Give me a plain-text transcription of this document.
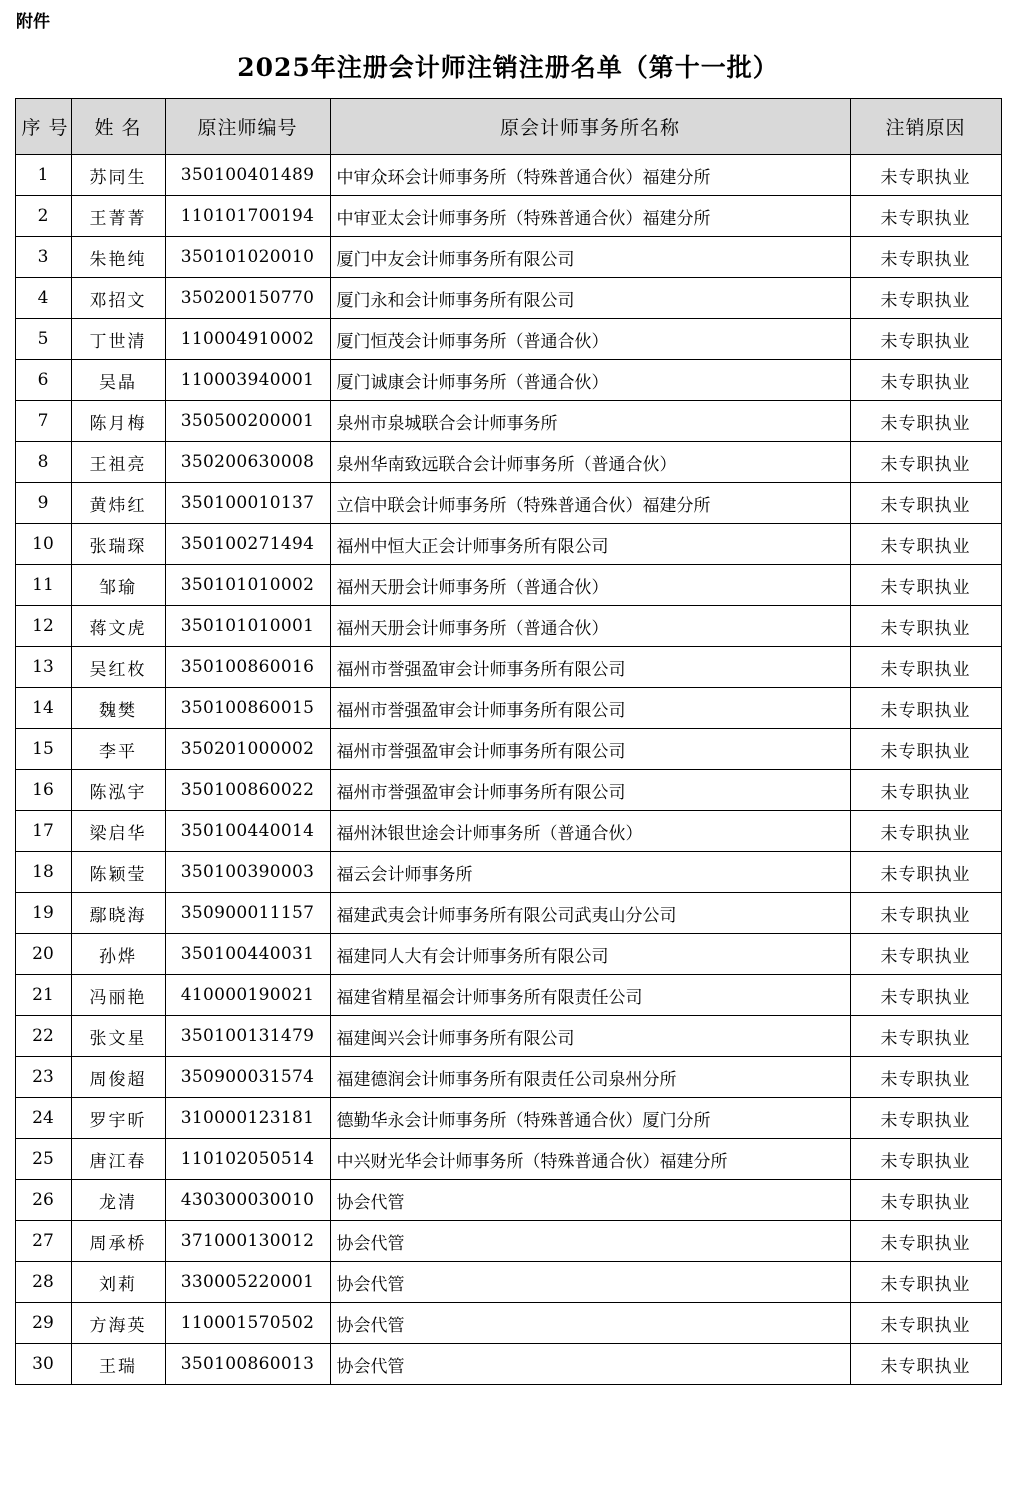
附件
2025年注册会计师注销注册名单（第十一批）
序 号	姓 名	原注师编号	原会计师事务所名称	注销原因
1	苏同生	350100401489	中审众环会计师事务所（特殊普通合伙）福建分所	未专职执业
2	王菁菁	110101700194	中审亚太会计师事务所（特殊普通合伙）福建分所	未专职执业
3	朱艳纯	350101020010	厦门中友会计师事务所有限公司	未专职执业
4	邓招文	350200150770	厦门永和会计师事务所有限公司	未专职执业
5	丁世清	110004910002	厦门恒茂会计师事务所（普通合伙）	未专职执业
6	吴晶	110003940001	厦门诚康会计师事务所（普通合伙）	未专职执业
7	陈月梅	350500200001	泉州市泉城联合会计师事务所	未专职执业
8	王祖亮	350200630008	泉州华南致远联合会计师事务所（普通合伙）	未专职执业
9	黄炜红	350100010137	立信中联会计师事务所（特殊普通合伙）福建分所	未专职执业
10	张瑞琛	350100271494	福州中恒大正会计师事务所有限公司	未专职执业
11	邹瑜	350101010002	福州天册会计师事务所（普通合伙）	未专职执业
12	蒋文虎	350101010001	福州天册会计师事务所（普通合伙）	未专职执业
13	吴红枚	350100860016	福州市誉强盈审会计师事务所有限公司	未专职执业
14	魏樊	350100860015	福州市誉强盈审会计师事务所有限公司	未专职执业
15	李平	350201000002	福州市誉强盈审会计师事务所有限公司	未专职执业
16	陈泓宇	350100860022	福州市誉强盈审会计师事务所有限公司	未专职执业
17	梁启华	350100440014	福州沐银世途会计师事务所（普通合伙）	未专职执业
18	陈颖莹	350100390003	福云会计师事务所	未专职执业
19	鄢晓海	350900011157	福建武夷会计师事务所有限公司武夷山分公司	未专职执业
20	孙烨	350100440031	福建同人大有会计师事务所有限公司	未专职执业
21	冯丽艳	410000190021	福建省精星福会计师事务所有限责任公司	未专职执业
22	张文星	350100131479	福建闽兴会计师事务所有限公司	未专职执业
23	周俊超	350900031574	福建德润会计师事务所有限责任公司泉州分所	未专职执业
24	罗宇昕	310000123181	德勤华永会计师事务所（特殊普通合伙）厦门分所	未专职执业
25	唐江春	110102050514	中兴财光华会计师事务所（特殊普通合伙）福建分所	未专职执业
26	龙清	430300030010	协会代管	未专职执业
27	周承桥	371000130012	协会代管	未专职执业
28	刘莉	330005220001	协会代管	未专职执业
29	方海英	110001570502	协会代管	未专职执业
30	王瑞	350100860013	协会代管	未专职执业
